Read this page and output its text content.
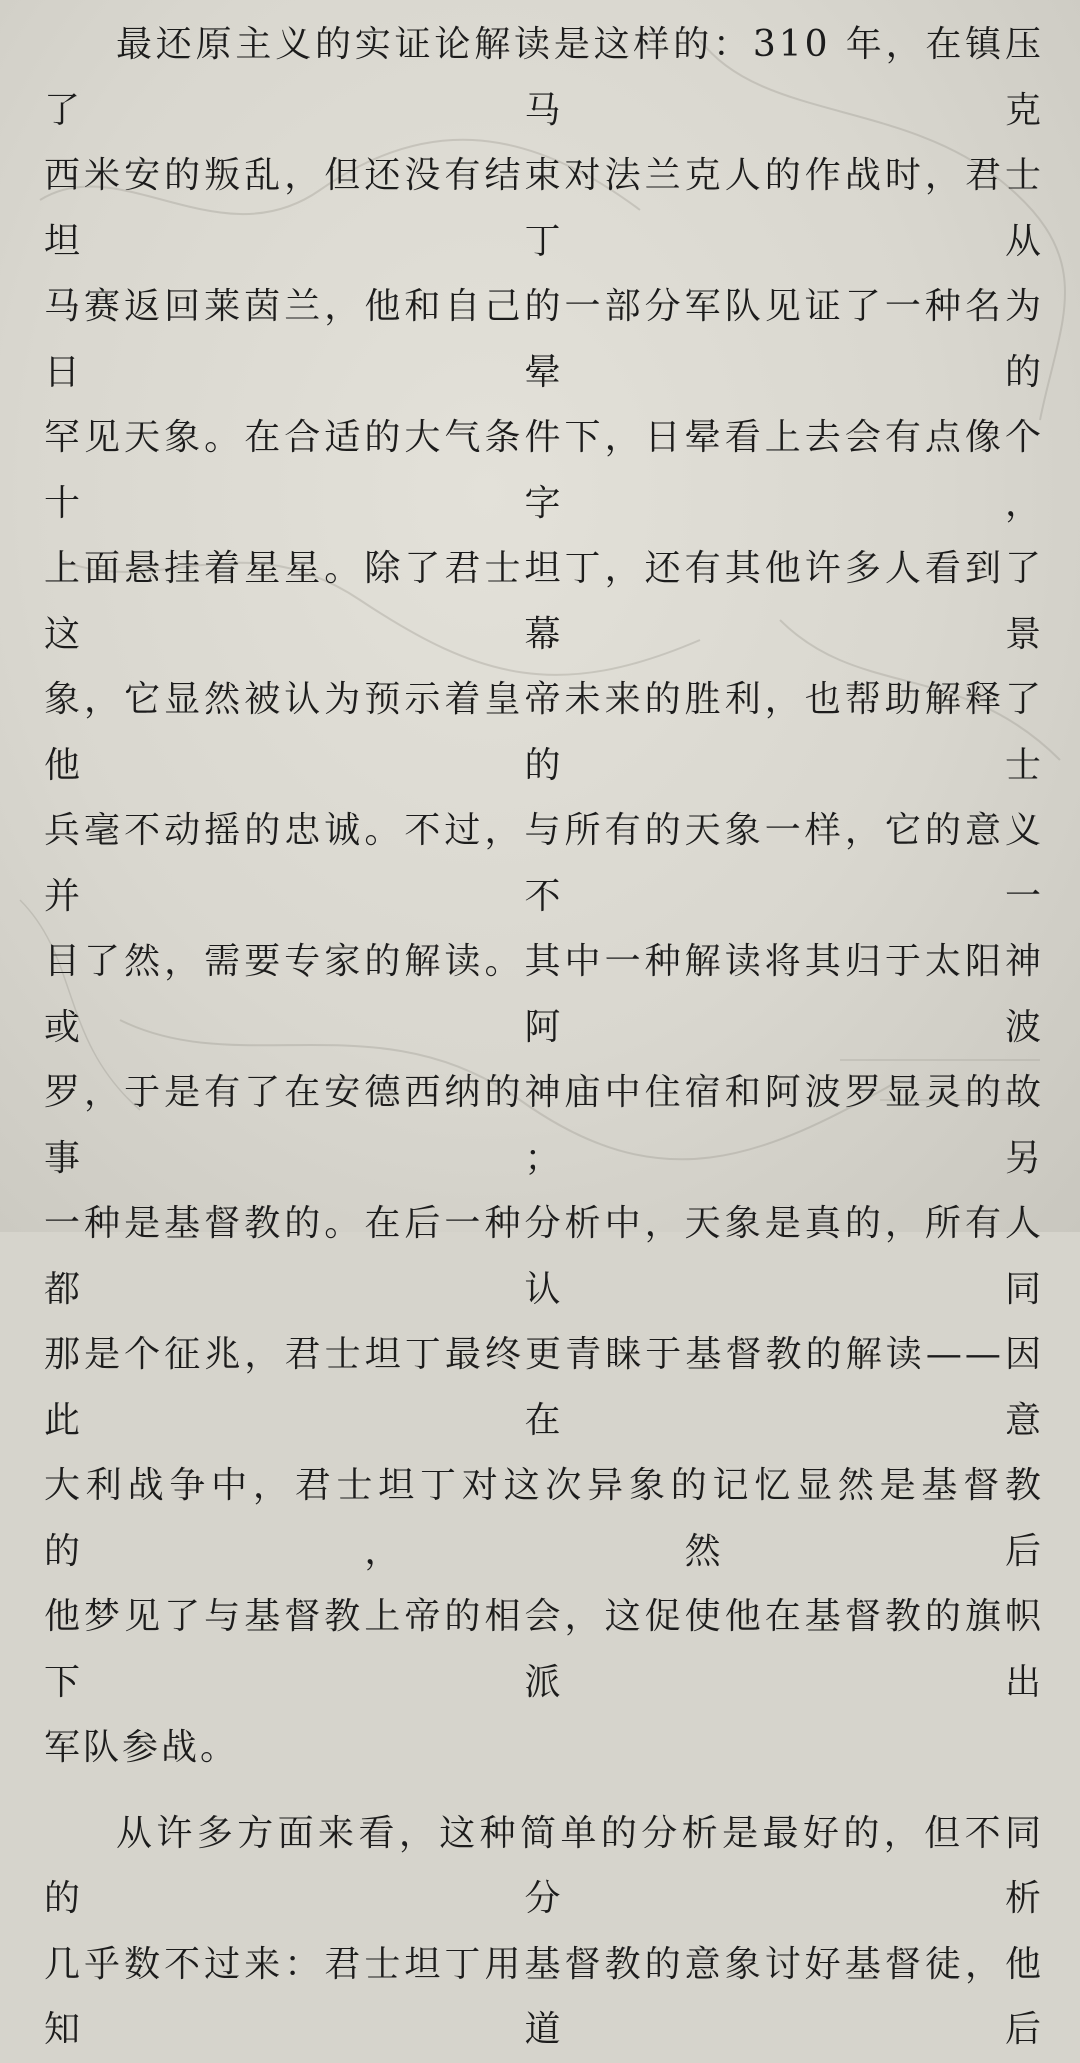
最还原主义的实证论解读是这样的：310 年，在镇压了马克

西米安的叛乱，但还没有结束对法兰克人的作战时，君士坦丁从

马赛返回莱茵兰，他和自己的一部分军队见证了一种名为日晕的

罕见天象。在合适的大气条件下，日晕看上去会有点像个十字，

上面悬挂着星星。除了君士坦丁，还有其他许多人看到了这幕景

象，它显然被认为预示着皇帝未来的胜利，也帮助解释了他的士

兵毫不动摇的忠诚。不过，与所有的天象一样，它的意义并不一

目了然，需要专家的解读。其中一种解读将其归于太阳神或阿波

罗，于是有了在安德西纳的神庙中住宿和阿波罗显灵的故事；另

一种是基督教的。在后一种分析中，天象是真的，所有人都认同

那是个征兆，君士坦丁最终更青睐于基督教的解读——因此在意

大利战争中，君士坦丁对这次异象的记忆显然是基督教的，然后

他梦见了与基督教上帝的相会，这促使他在基督教的旗帜下派出

军队参战。

从许多方面来看，这种简单的分析是最好的，但不同的分析

几乎数不过来：君士坦丁用基督教的意象讨好基督徒，他知道后
